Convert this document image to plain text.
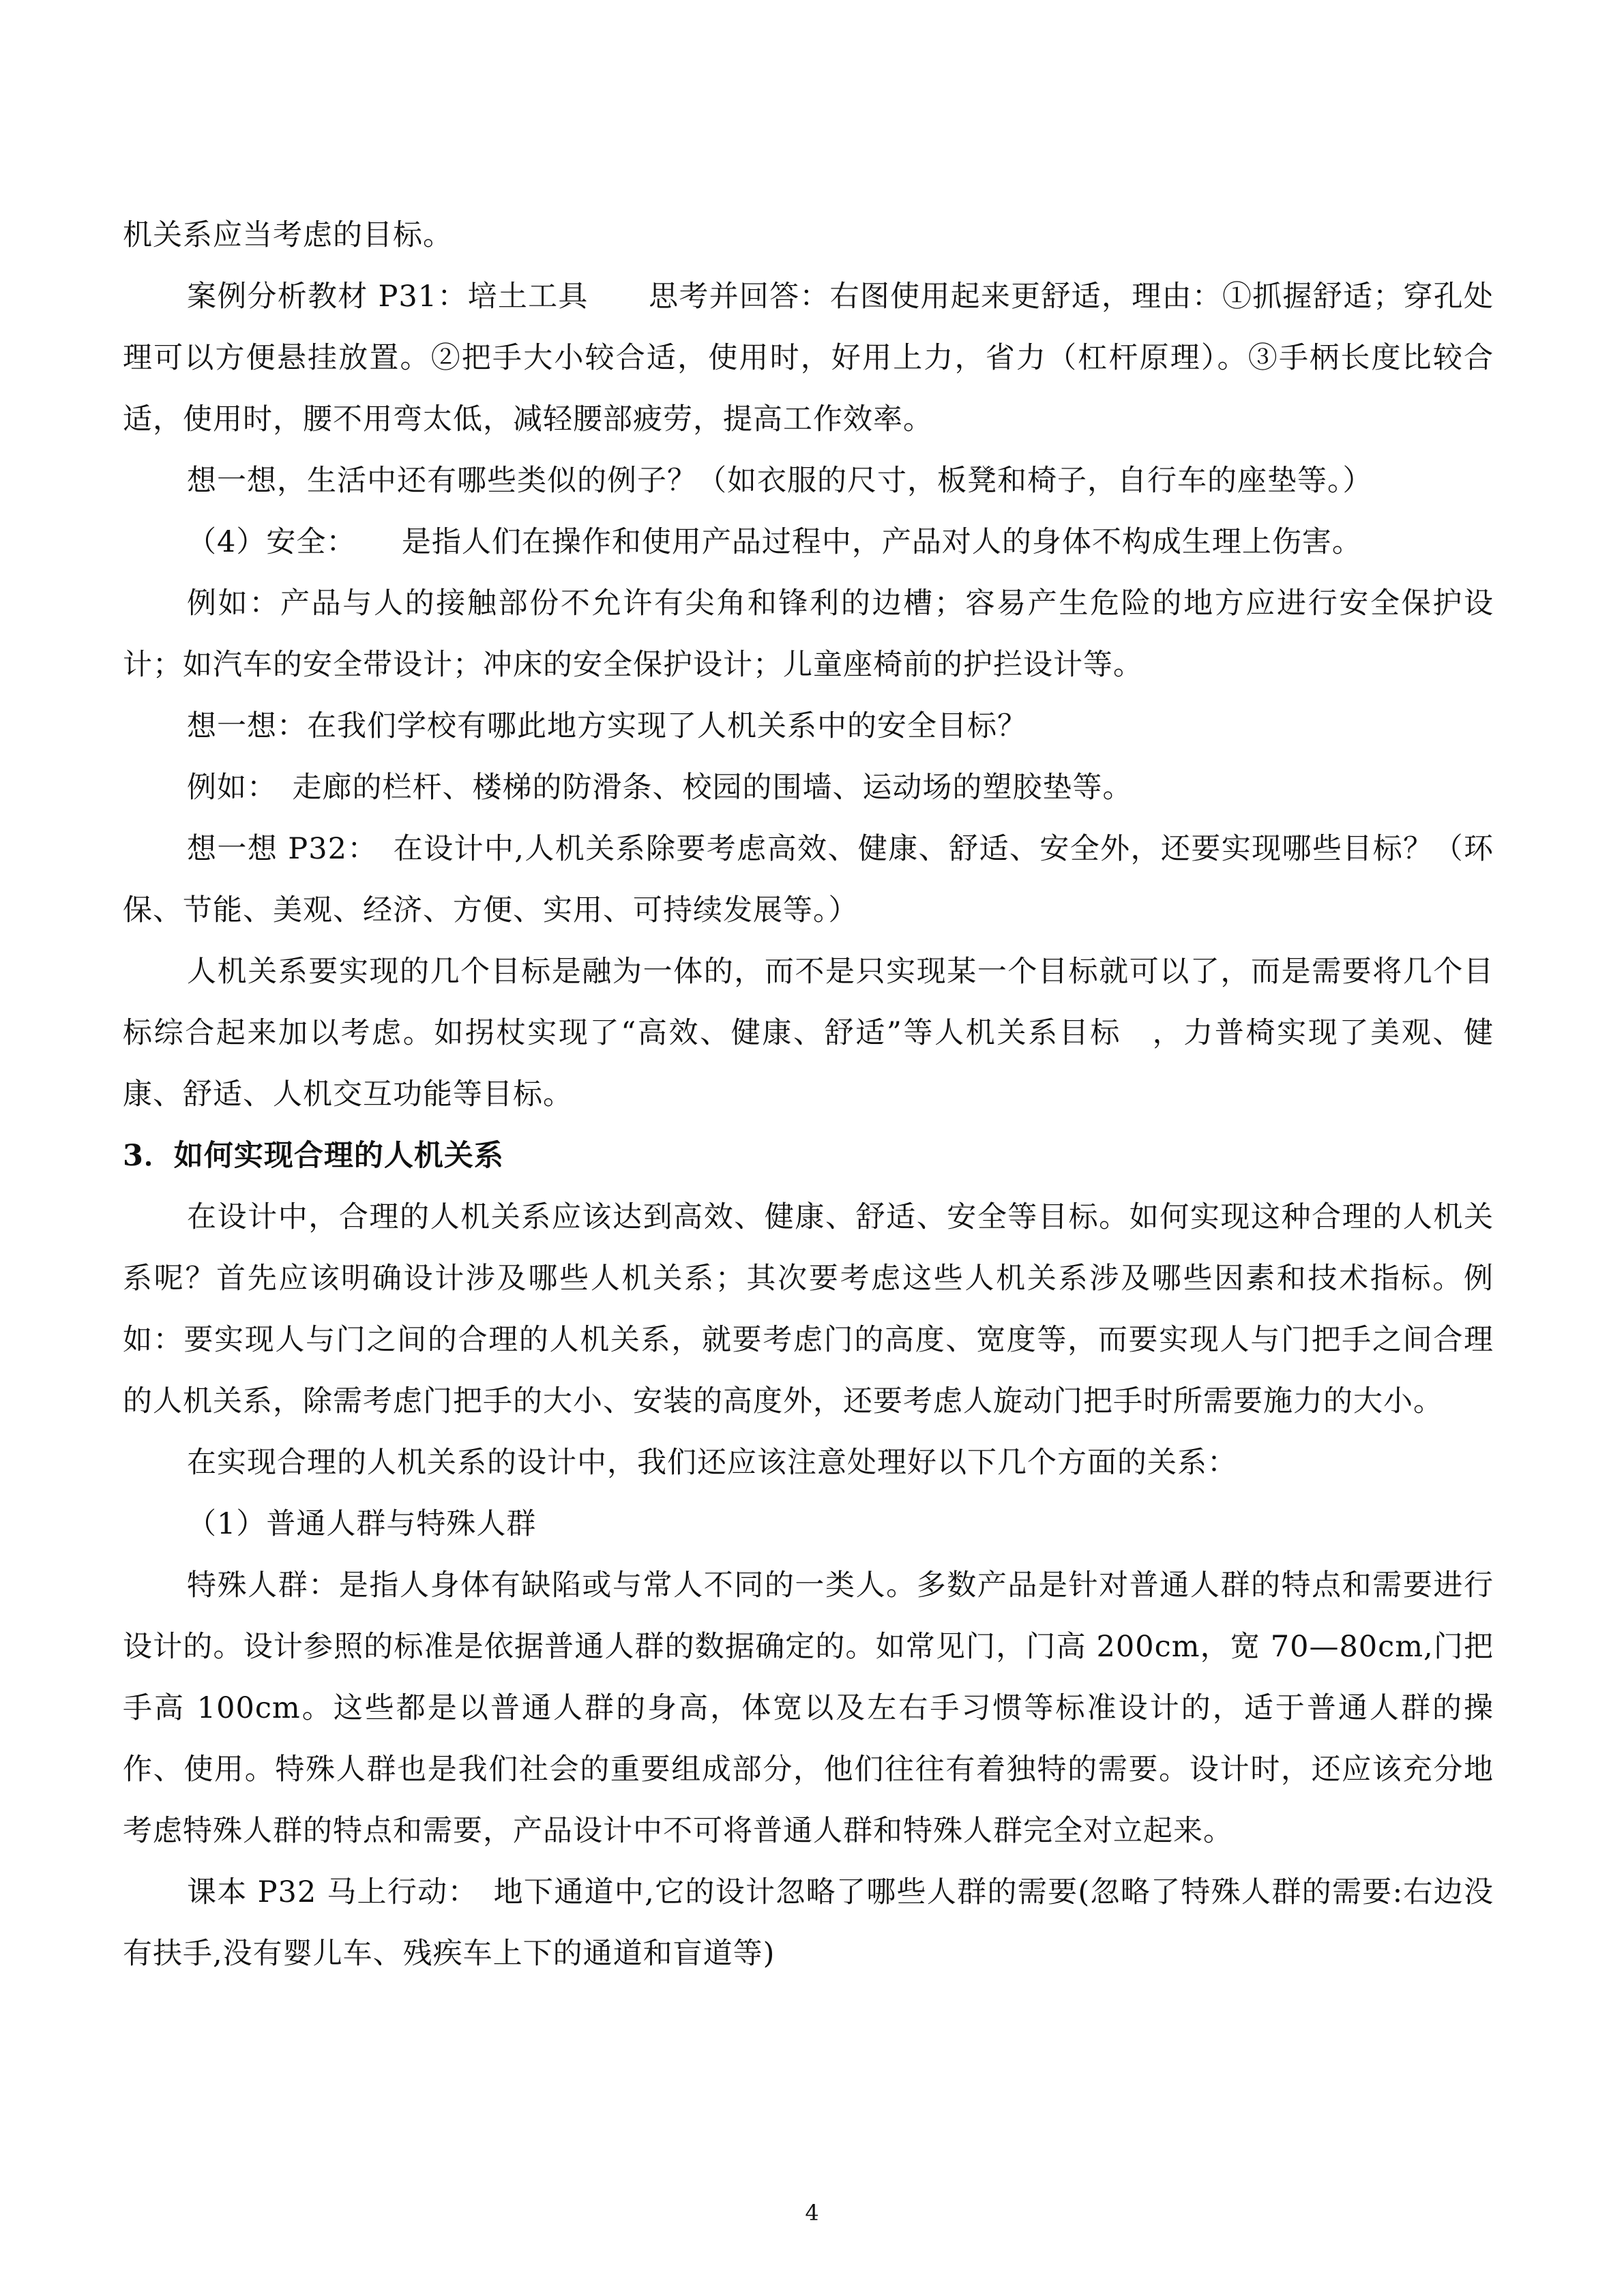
机关系应当考虑的目标。

案例分析教材 P31：培土工具　　思考并回答：右图使用起来更舒适，理由：①抓握舒适；穿孔处理可以方便悬挂放置。②把手大小较合适，使用时，好用上力，省力（杠杆原理）。③手柄长度比较合适，使用时，腰不用弯太低，减轻腰部疲劳，提高工作效率。

想一想，生活中还有哪些类似的例子？（如衣服的尺寸，板凳和椅子，自行车的座垫等。）

（4）安全：　　是指人们在操作和使用产品过程中，产品对人的身体不构成生理上伤害。

例如：产品与人的接触部份不允许有尖角和锋利的边槽；容易产生危险的地方应进行安全保护设计；如汽车的安全带设计；冲床的安全保护设计；儿童座椅前的护拦设计等。

想一想：在我们学校有哪此地方实现了人机关系中的安全目标？

例如：　走廊的栏杆、楼梯的防滑条、校园的围墙、运动场的塑胶垫等。

想一想 P32：　在设计中,人机关系除要考虑高效、健康、舒适、安全外，还要实现哪些目标？（环保、节能、美观、经济、方便、实用、可持续发展等。）

人机关系要实现的几个目标是融为一体的，而不是只实现某一个目标就可以了，而是需要将几个目标综合起来加以考虑。如拐杖实现了“高效、健康、舒适”等人机关系目标　，力普椅实现了美观、健康、舒适、人机交互功能等目标。

3．如何实现合理的人机关系

在设计中，合理的人机关系应该达到高效、健康、舒适、安全等目标。如何实现这种合理的人机关系呢？首先应该明确设计涉及哪些人机关系；其次要考虑这些人机关系涉及哪些因素和技术指标。例如：要实现人与门之间的合理的人机关系，就要考虑门的高度、宽度等，而要实现人与门把手之间合理的人机关系，除需考虑门把手的大小、安装的高度外，还要考虑人旋动门把手时所需要施力的大小。

在实现合理的人机关系的设计中，我们还应该注意处理好以下几个方面的关系：

（1）普通人群与特殊人群

特殊人群：是指人身体有缺陷或与常人不同的一类人。多数产品是针对普通人群的特点和需要进行设计的。设计参照的标准是依据普通人群的数据确定的。如常见门，门高 200cm，宽 70—80cm,门把手高 100cm。这些都是以普通人群的身高，体宽以及左右手习惯等标准设计的，适于普通人群的操作、使用。特殊人群也是我们社会的重要组成部分，他们往往有着独特的需要。设计时，还应该充分地考虑特殊人群的特点和需要，产品设计中不可将普通人群和特殊人群完全对立起来。

课本 P32 马上行动：　地下通道中,它的设计忽略了哪些人群的需要(忽略了特殊人群的需要:右边没有扶手,没有婴儿车、残疾车上下的通道和盲道等)

4
